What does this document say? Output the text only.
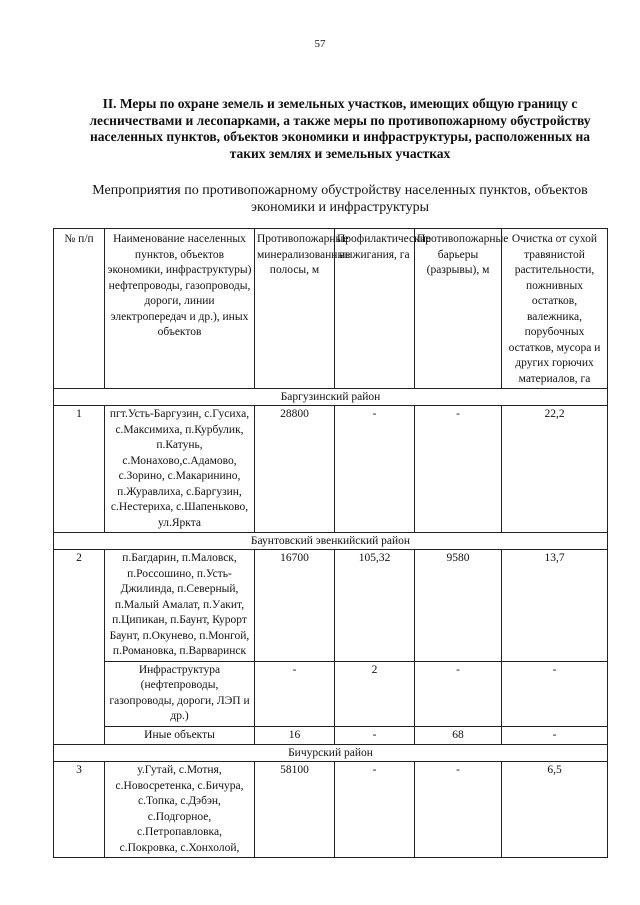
57
II. Меры по охране земель и земельных участков, имеющих общую границу с лесничествами и лесопарками, а также меры по противопожарному обустройству населенных пунктов, объектов экономики и инфраструктуры, расположенных на таких землях и земельных участках
Мепроприятия по противопожарному обустройству населенных пунктов, объектов экономики и инфраструктуры
№ п/п	Наименование населенных пунктов, объектов экономики, инфраструктуры) нефтепроводы, газопроводы, дороги, линии электропередач и др.), иных объектов	Противопожарные минерализованные полосы, м	Профилактические выжигания, га	Противопожарные барьеры (разрывы), м	Очистка от сухой травянистой растительности, пожнивных остатков, валежника, порубочных остатков, мусора и других горючих материалов, га
Баргузинский район					
1	пгт.Усть-Баргузин, с.Гусиха, с.Максимиха, п.Курбулик, п.Катунь, с.Монахово,с.Адамово, с.Зорино, с.Макаринино, п.Журавлиха, с.Баргузин, с.Нестериха, с.Шапеньково, ул.Яркта	28800	-	-	22,2
Баунтовский эвенкийский район					
2	п.Багдарин, п.Маловск, п.Россошино, п.Усть-Джилинда, п.Северный, п.Малый Амалат, п.Уакит, п.Ципикан, п.Баунт, Курорт Баунт, п.Окунево, п.Монгой, п.Романовка, п.Варваринск	16700	105,32	9580	13,7
	Инфраструктура (нефтепроводы, газопроводы, дороги, ЛЭП и др.)	-	2	-	-
	Иные объекты	16	-	68	-
Бичурский район					
3	у.Гутай, с.Мотня, с.Новосретенка, с.Бичура, с.Топка, с.Дэбэн, с.Подгорное, с.Петропавловка, с.Покровка, с.Хонхолой,	58100	-	-	6,5
